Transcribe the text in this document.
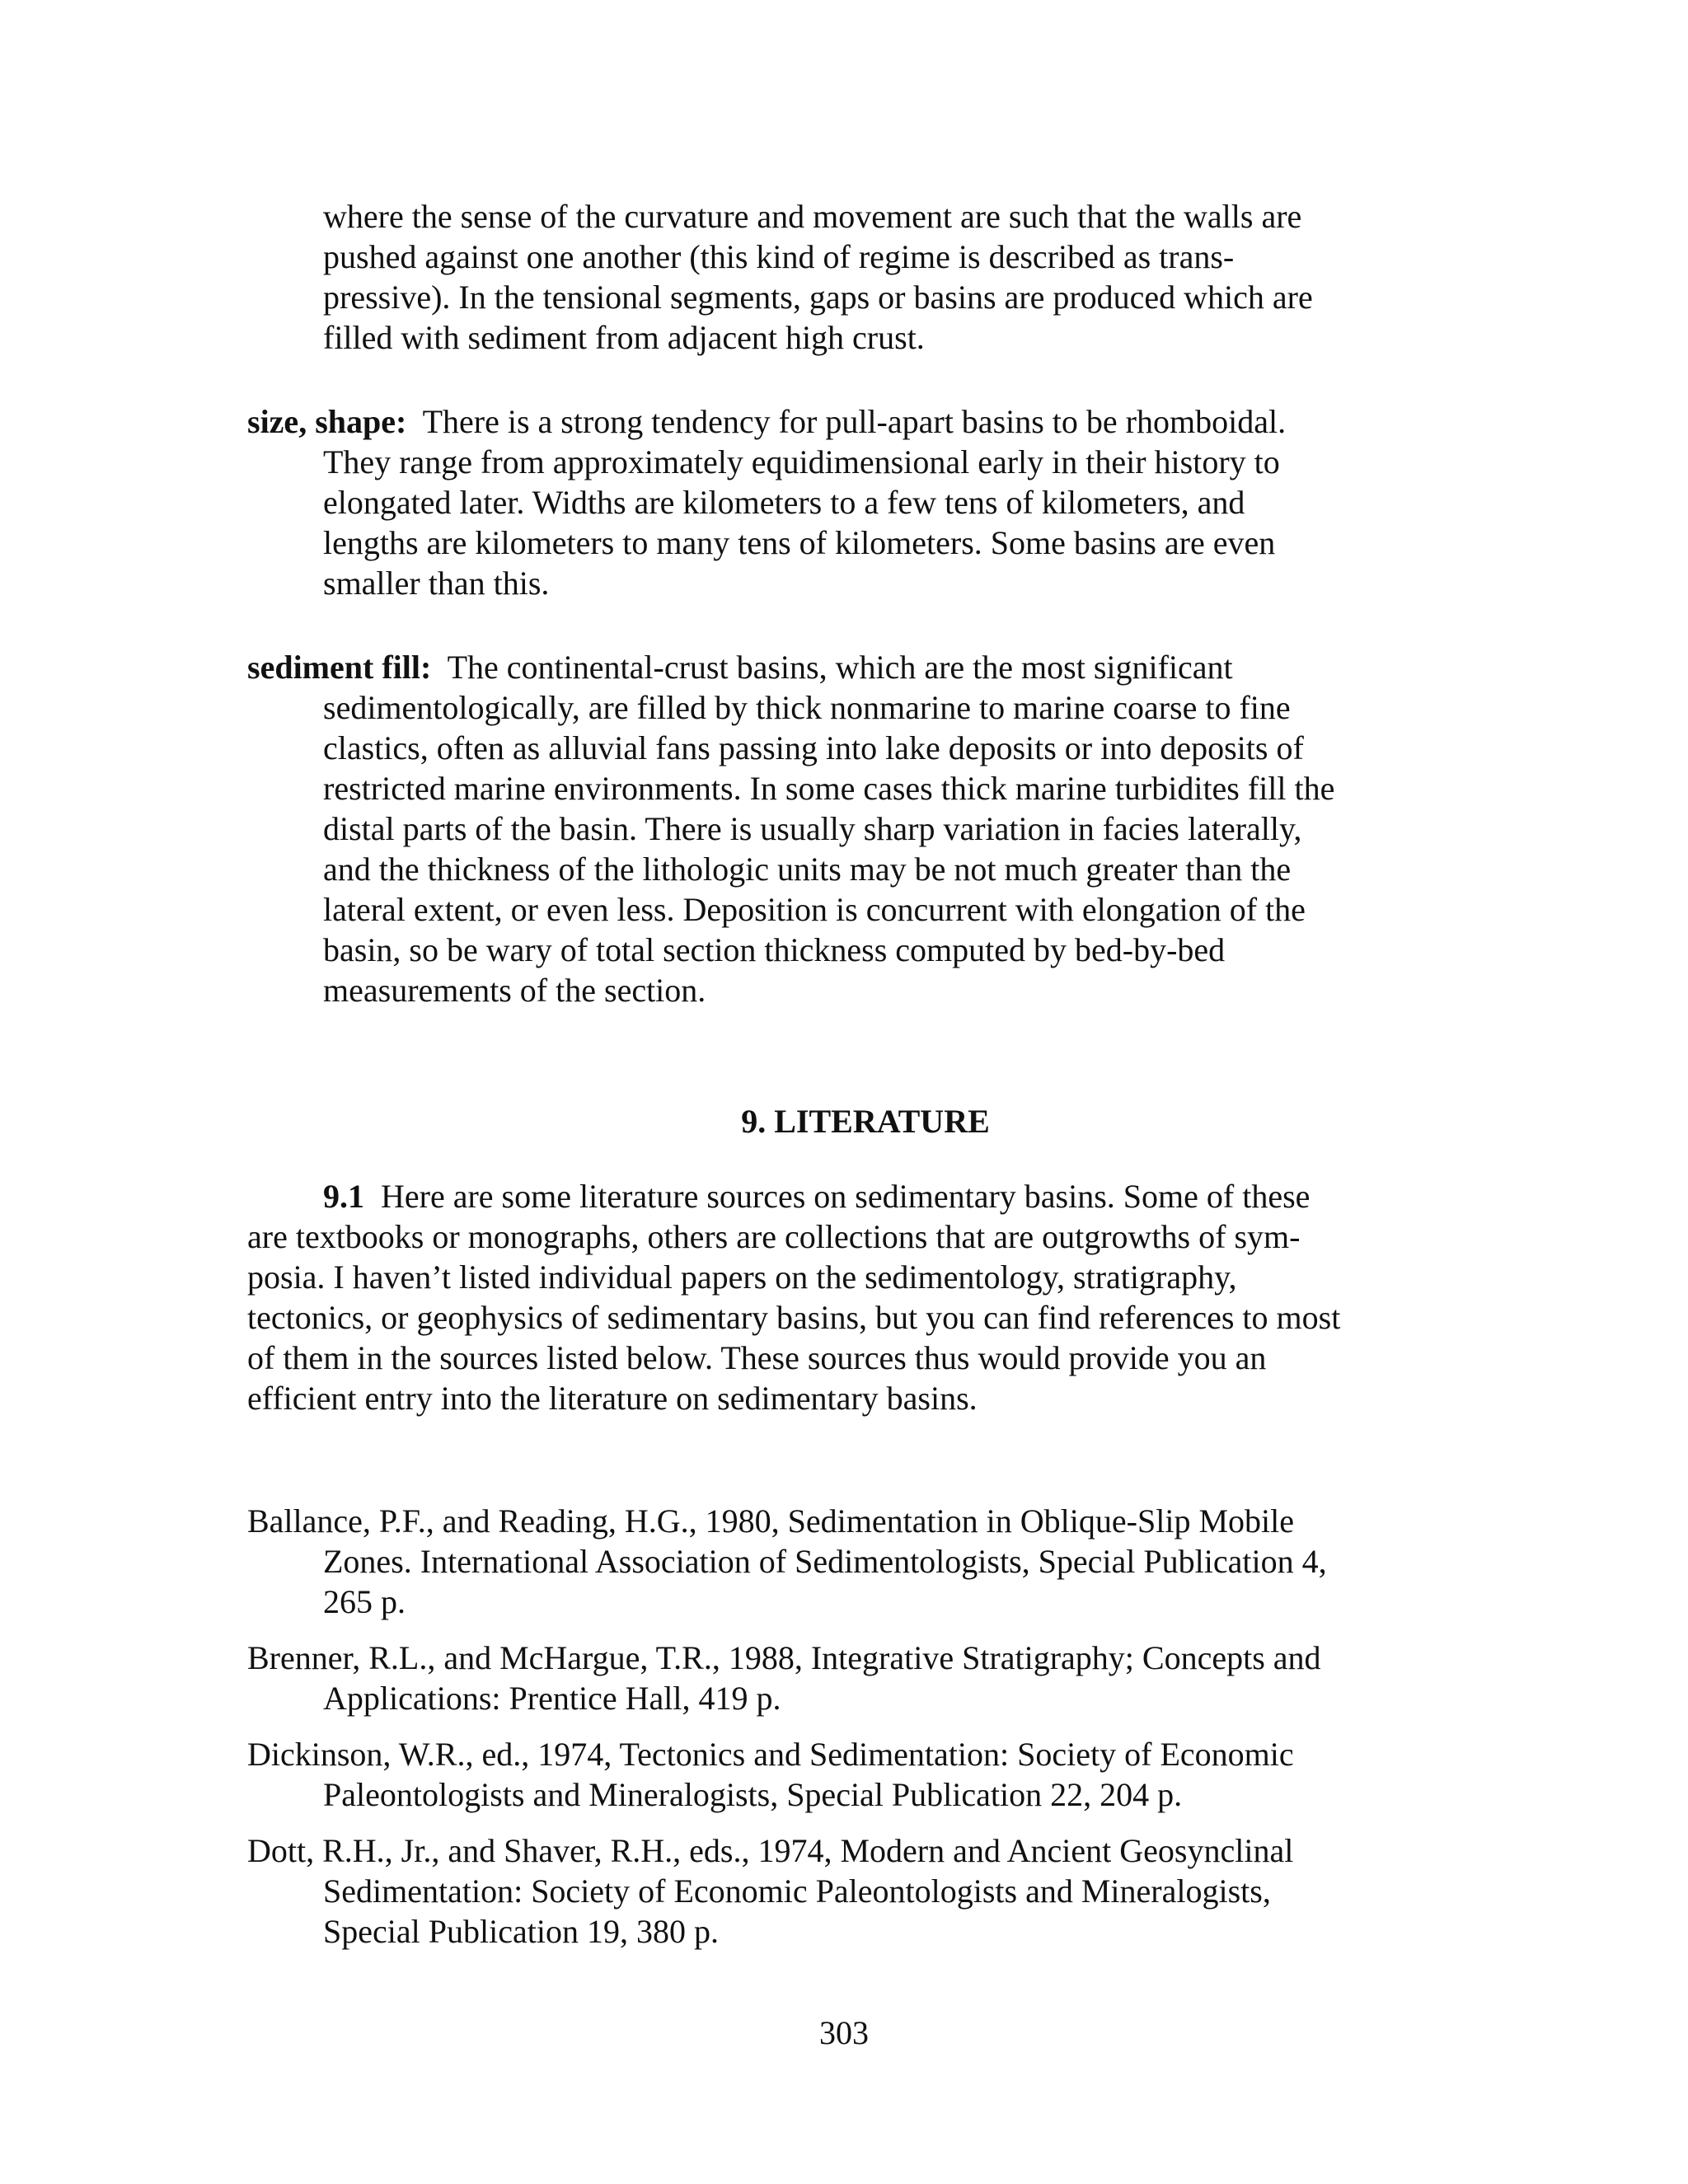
where the sense of the curvature and movement are such that the walls are
pushed against one another (this kind of regime is described as trans-
pressive). In the tensional segments, gaps or basins are produced which are
filled with sediment from adjacent high crust.
size, shape: There is a strong tendency for pull-apart basins to be rhomboidal.
They range from approximately equidimensional early in their history to
elongated later. Widths are kilometers to a few tens of kilometers, and
lengths are kilometers to many tens of kilometers. Some basins are even
smaller than this.
sediment fill: The continental-crust basins, which are the most significant
sedimentologically, are filled by thick nonmarine to marine coarse to fine
clastics, often as alluvial fans passing into lake deposits or into deposits of
restricted marine environments. In some cases thick marine turbidites fill the
distal parts of the basin. There is usually sharp variation in facies laterally,
and the thickness of the lithologic units may be not much greater than the
lateral extent, or even less. Deposition is concurrent with elongation of the
basin, so be wary of total section thickness computed by bed-by-bed
measurements of the section.
9. LITERATURE
9.1 Here are some literature sources on sedimentary basins. Some of these
are textbooks or monographs, others are collections that are outgrowths of sym-
posia. I haven’t listed individual papers on the sedimentology, stratigraphy,
tectonics, or geophysics of sedimentary basins, but you can find references to most
of them in the sources listed below. These sources thus would provide you an
efficient entry into the literature on sedimentary basins.
Ballance, P.F., and Reading, H.G., 1980, Sedimentation in Oblique-Slip Mobile
Zones. International Association of Sedimentologists, Special Publication 4,
265 p.
Brenner, R.L., and McHargue, T.R., 1988, Integrative Stratigraphy; Concepts and
Applications: Prentice Hall, 419 p.
Dickinson, W.R., ed., 1974, Tectonics and Sedimentation: Society of Economic
Paleontologists and Mineralogists, Special Publication 22, 204 p.
Dott, R.H., Jr., and Shaver, R.H., eds., 1974, Modern and Ancient Geosynclinal
Sedimentation: Society of Economic Paleontologists and Mineralogists,
Special Publication 19, 380 p.
303
